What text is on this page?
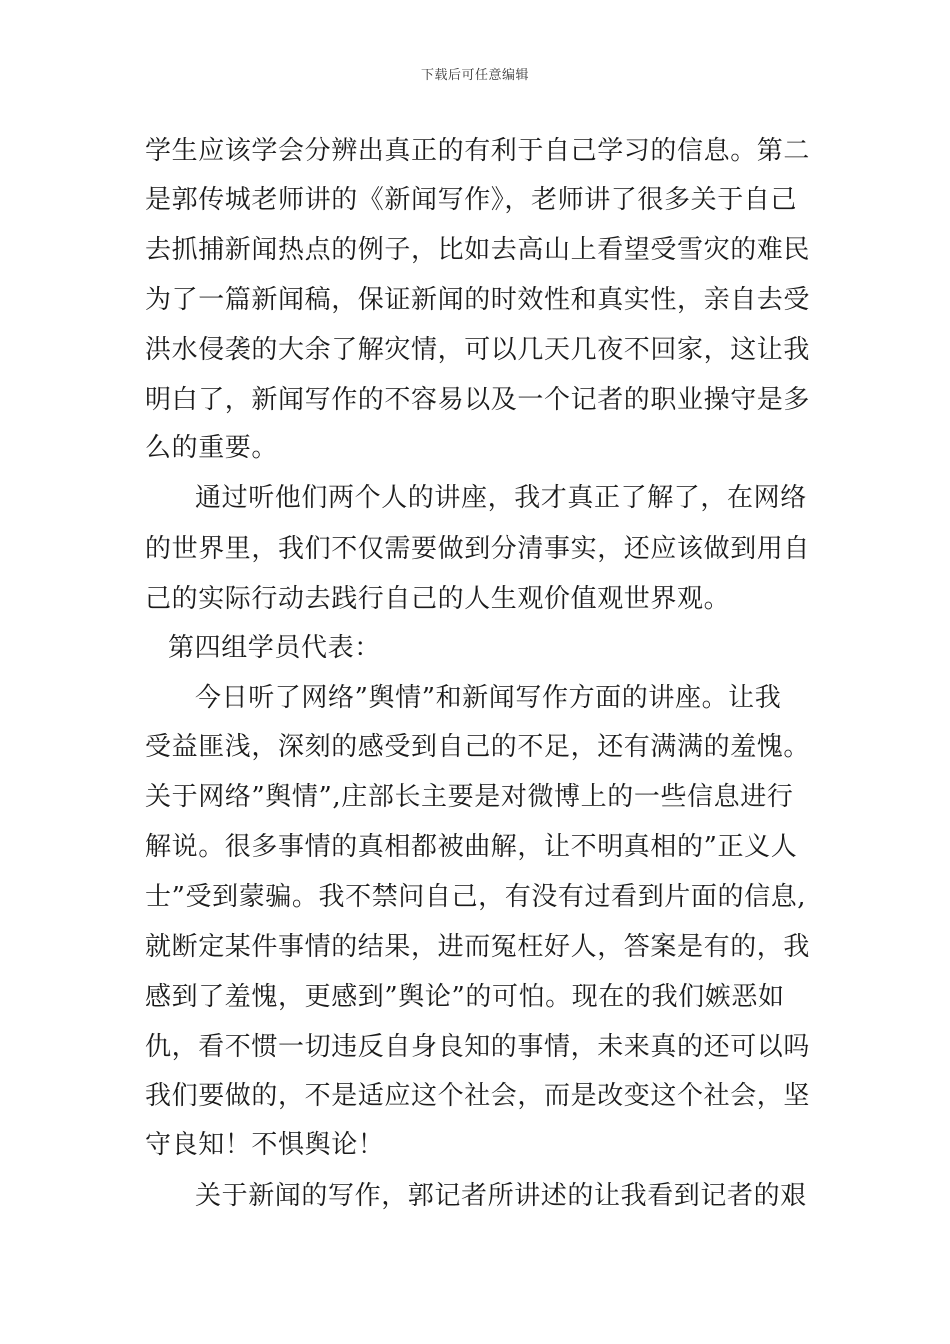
下载后可任意编辑
学生应该学会分辨出真正的有利于自己学习的信息。第二
是郭传城老师讲的《新闻写作》，老师讲了很多关于自己
去抓捕新闻热点的例子，比如去高山上看望受雪灾的难民
为了一篇新闻稿，保证新闻的时效性和真实性，亲自去受
洪水侵袭的大余了解灾情，可以几天几夜不回家，这让我
明白了，新闻写作的不容易以及一个记者的职业操守是多
么的重要。
通过听他们两个人的讲座，我才真正了解了，在网络
的世界里，我们不仅需要做到分清事实，还应该做到用自
己的实际行动去践行自己的人生观价值观世界观。
第四组学员代表：
今日听了网络”舆情”和新闻写作方面的讲座。让我
受益匪浅，深刻的感受到自己的不足，还有满满的羞愧。
关于网络”舆情”,庄部长主要是对微博上的一些信息进行
解说。很多事情的真相都被曲解，让不明真相的”正义人
士”受到蒙骗。我不禁问自己，有没有过看到片面的信息,
就断定某件事情的结果，进而冤枉好人，答案是有的，我
感到了羞愧，更感到”舆论”的可怕。现在的我们嫉恶如
仇，看不惯一切违反自身良知的事情，未来真的还可以吗
我们要做的，不是适应这个社会，而是改变这个社会，坚
守良知！不惧舆论！
关于新闻的写作，郭记者所讲述的让我看到记者的艰
